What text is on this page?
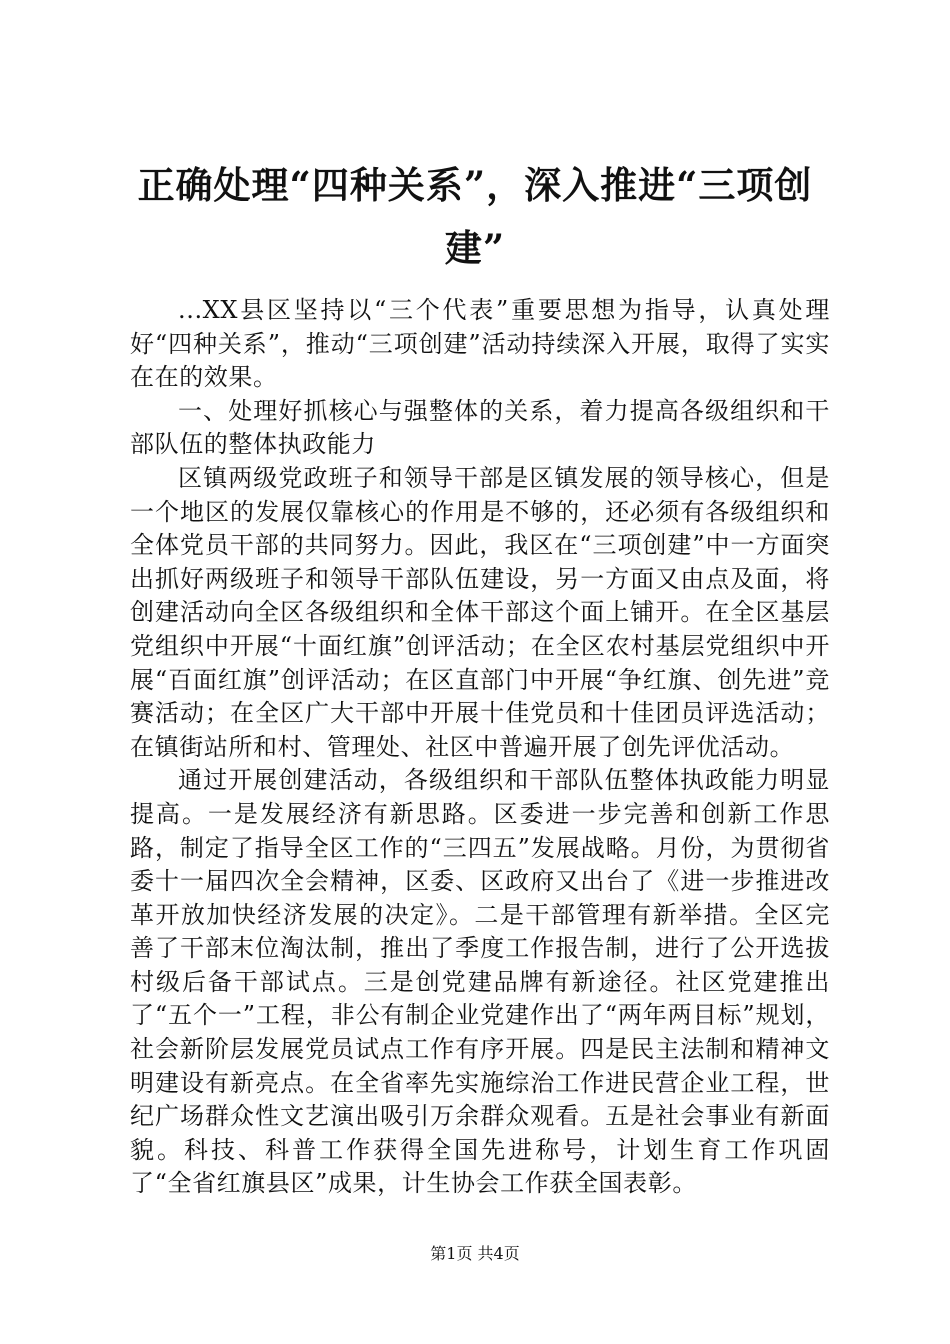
正确处理“四种关系”，深入推进“三项创建”

...XX县区坚持以“三个代表”重要思想为指导，认真处理好“四种关系”，推动“三项创建”活动持续深入开展，取得了实实在在的效果。

一、处理好抓核心与强整体的关系，着力提高各级组织和干部队伍的整体执政能力

区镇两级党政班子和领导干部是区镇发展的领导核心，但是一个地区的发展仅靠核心的作用是不够的，还必须有各级组织和全体党员干部的共同努力。因此，我区在“三项创建”中一方面突出抓好两级班子和领导干部队伍建设，另一方面又由点及面，将创建活动向全区各级组织和全体干部这个面上铺开。在全区基层党组织中开展“十面红旗”创评活动；在全区农村基层党组织中开展“百面红旗”创评活动；在区直部门中开展“争红旗、创先进”竞赛活动；在全区广大干部中开展十佳党员和十佳团员评选活动；在镇街站所和村、管理处、社区中普遍开展了创先评优活动。

通过开展创建活动，各级组织和干部队伍整体执政能力明显提高。一是发展经济有新思路。区委进一步完善和创新工作思路，制定了指导全区工作的“三四五”发展战略。月份，为贯彻省委十一届四次全会精神，区委、区政府又出台了《进一步推进改革开放加快经济发展的决定》。二是干部管理有新举措。全区完善了干部末位淘汰制，推出了季度工作报告制，进行了公开选拔村级后备干部试点。三是创党建品牌有新途径。社区党建推出了“五个一”工程，非公有制企业党建作出了“两年两目标”规划，社会新阶层发展党员试点工作有序开展。四是民主法制和精神文明建设有新亮点。在全省率先实施综治工作进民营企业工程，世纪广场群众性文艺演出吸引万余群众观看。五是社会事业有新面貌。科技、科普工作获得全国先进称号，计划生育工作巩固了“全省红旗县区”成果，计生协会工作获全国表彰。

第1页 共4页
